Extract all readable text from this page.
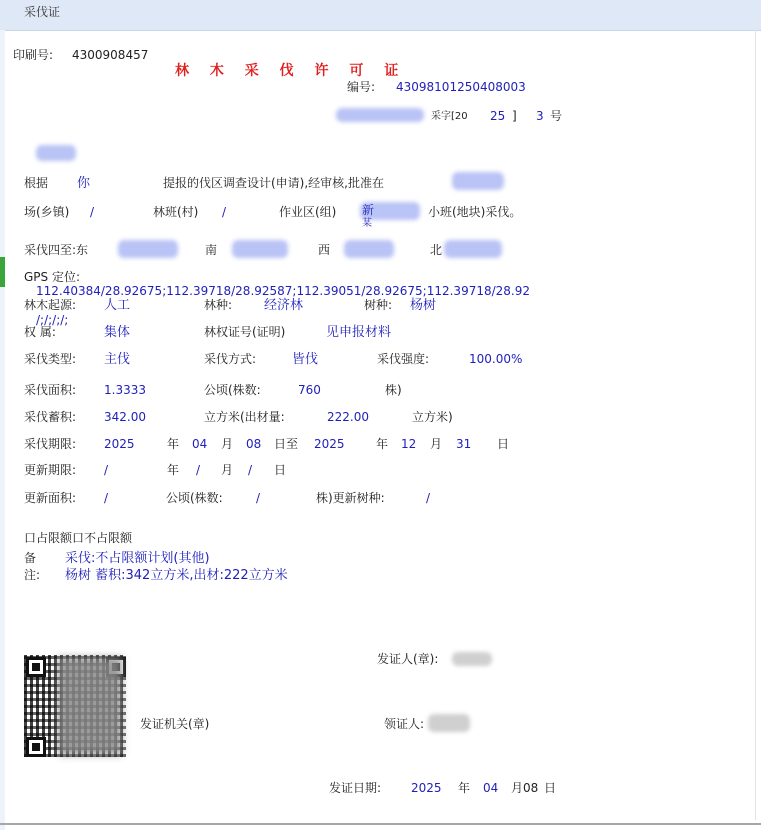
采伐证
印刷号: 4300908457
林 木 采 伐 许 可 证
编号: 43098101250408003
采字[20 25 ] 3 号
根据 你	提报的伐区调查设计(申请),经审核,批准在
场(乡镇) /	林班(村) /	作业区(组) 新
某
小班(地块)采伐。
采伐四至:东	南	西	北
GPS 定位:
112.40384/28.92675;112.39718/28.92587;112.39051/28.92675;112.39718/28.92
林木起源:
/;/;/;/;
人工	林种: 经济林	树种: 杨树
权 属:	集体	林权证号(证明)	见申报材料
采伐类型: 主伐	采伐方式:	皆伐	采伐强度:	100.00%
采伐面积: 1.3333	公顷(株数:	760	株)
采伐蓄积: 342.00	立方米(出材量:	222.00	立方米)
采伐期限: 2025	年 04 月 08 日至 2025	年 12 月 31 日
更新期限: /	年 / 月 / 日
更新面积: /	公顷(株数:	/	株)更新树种:	/
口占限额口不占限额
备
注:
采伐:不占限额计划(其他)
杨树 蓄积:342立方米,出材:222立方米
发证人(章):
发证机关(章)	领证人:
发证日期: 2025 年 04 月08 日
